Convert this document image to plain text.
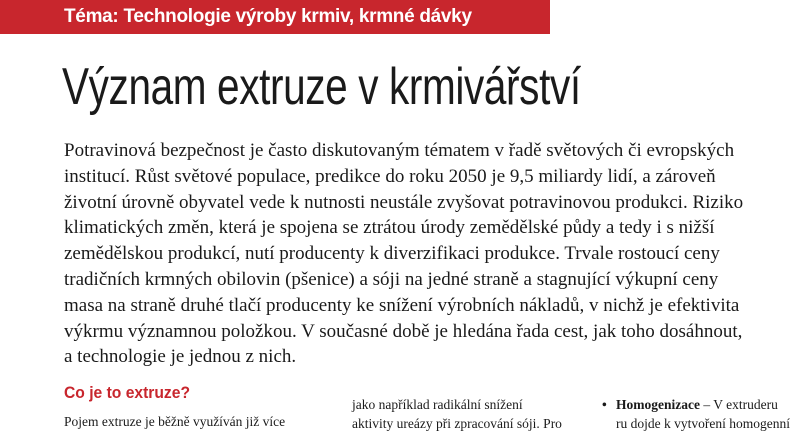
Téma: Technologie výroby krmiv, krmné dávky
Význam extruze v krmivářství
Potravinová bezpečnost je často diskutovaným tématem v řadě světových či evropských
institucí. Růst světové populace, predikce do roku 2050 je 9,5 miliardy lidí, a zároveň
životní úrovně obyvatel vede k nutnosti neustále zvyšovat potravinovou produkci. Riziko
klimatických změn, která je spojena se ztrátou úrody zemědělské půdy a tedy i s nižší
zemědělskou produkcí, nutí producenty k diverzifikaci produkce. Trvale rostoucí ceny
tradičních krmných obilovin (pšenice) a sóji na jedné straně a stagnující výkupní ceny
masa na straně druhé tlačí producenty ke snížení výrobních nákladů, v nichž je efektivita
výkrmu významnou položkou. V současné době je hledána řada cest, jak toho dosáhnout,
a technologie je jednou z nich.
Co je to extruze?
Pojem extruze je běžně využíván již více
jako například radikální snížení
aktivity ureázy při zpracování sóji. Pro
• Homogenizace – V extruderu
ru dojde k vytvoření homogenní
